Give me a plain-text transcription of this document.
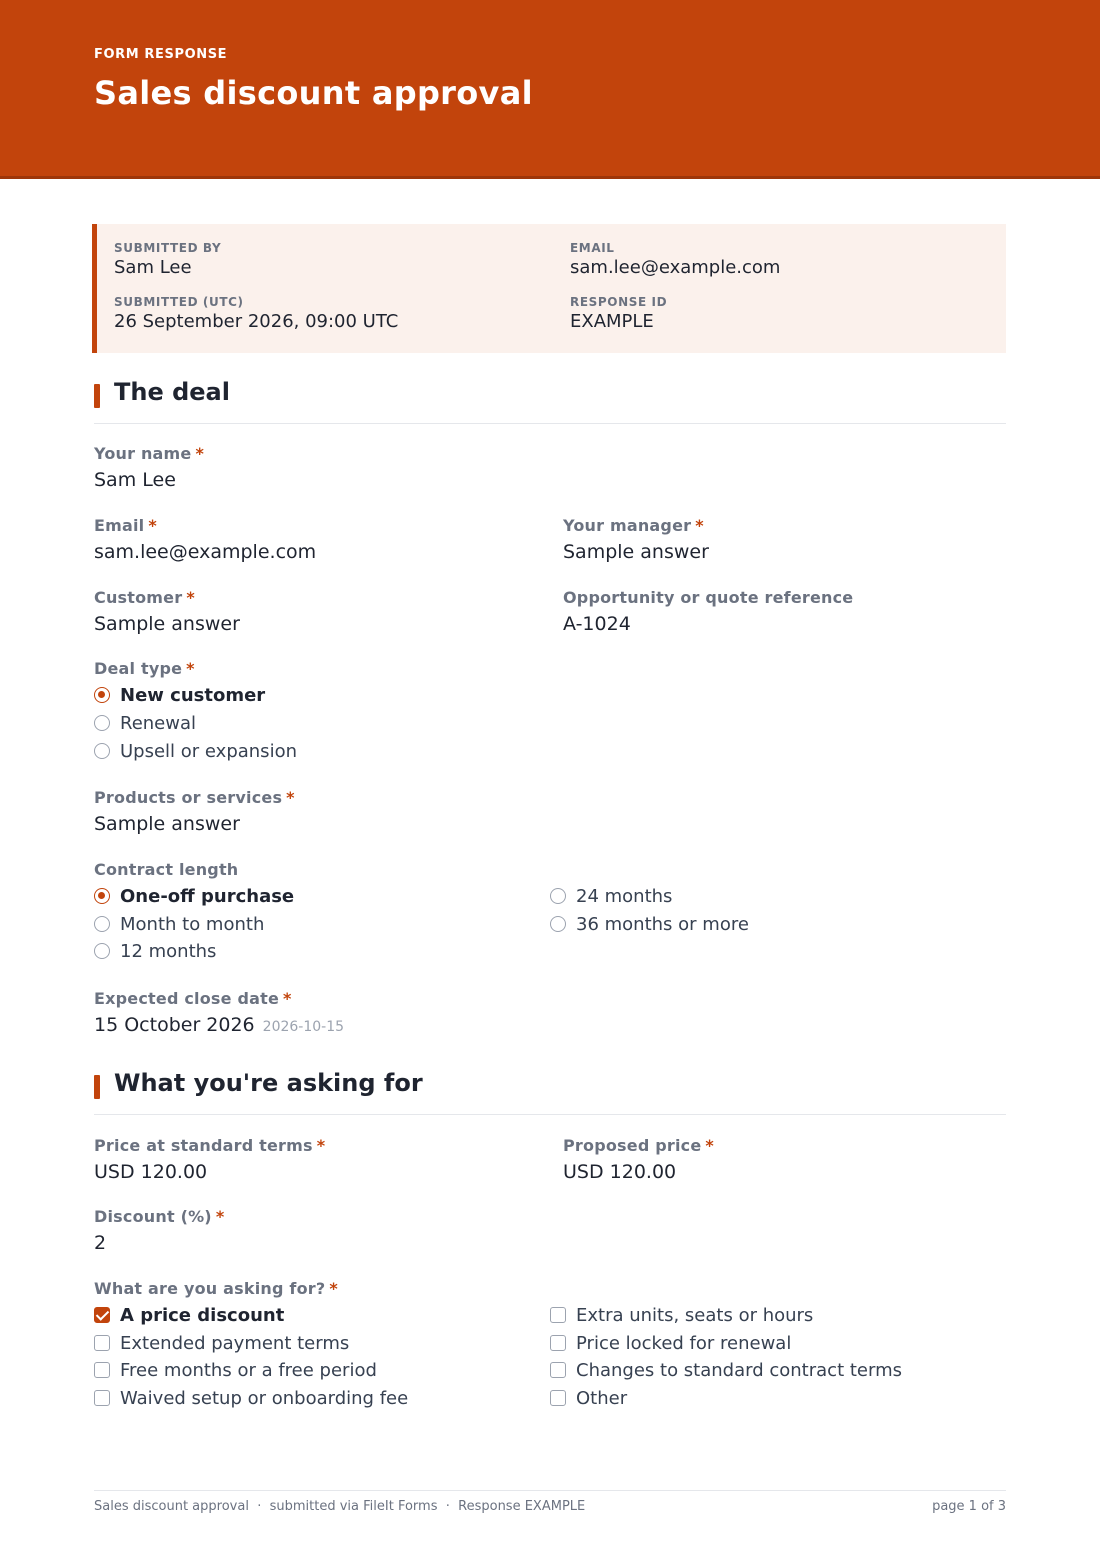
FORM RESPONSE
Sales discount approval
SUBMITTED BY
Sam Lee
EMAIL
sam.lee@example.com
SUBMITTED (UTC)
26 September 2026, 09:00 UTC
RESPONSE ID
EXAMPLE
The deal
Your name *
Sam Lee
Email *
sam.lee@example.com
Your manager *
Sample answer
Customer *
Sample answer
Opportunity or quote reference
A-1024
Deal type *
New customer
Renewal
Upsell or expansion
Products or services *
Sample answer
Contract length
One-off purchase
Month to month
12 months
24 months
36 months or more
Expected close date *
15 October 2026 2026-10-15
What you're asking for
Price at standard terms *
USD 120.00
Proposed price *
USD 120.00
Discount (%) *
2
What are you asking for? *
A price discount
Extended payment terms
Free months or a free period
Waived setup or onboarding fee
Extra units, seats or hours
Price locked for renewal
Changes to standard contract terms
Other
Sales discount approval · submitted via FileIt Forms · Response EXAMPLE	page 1 of 3
